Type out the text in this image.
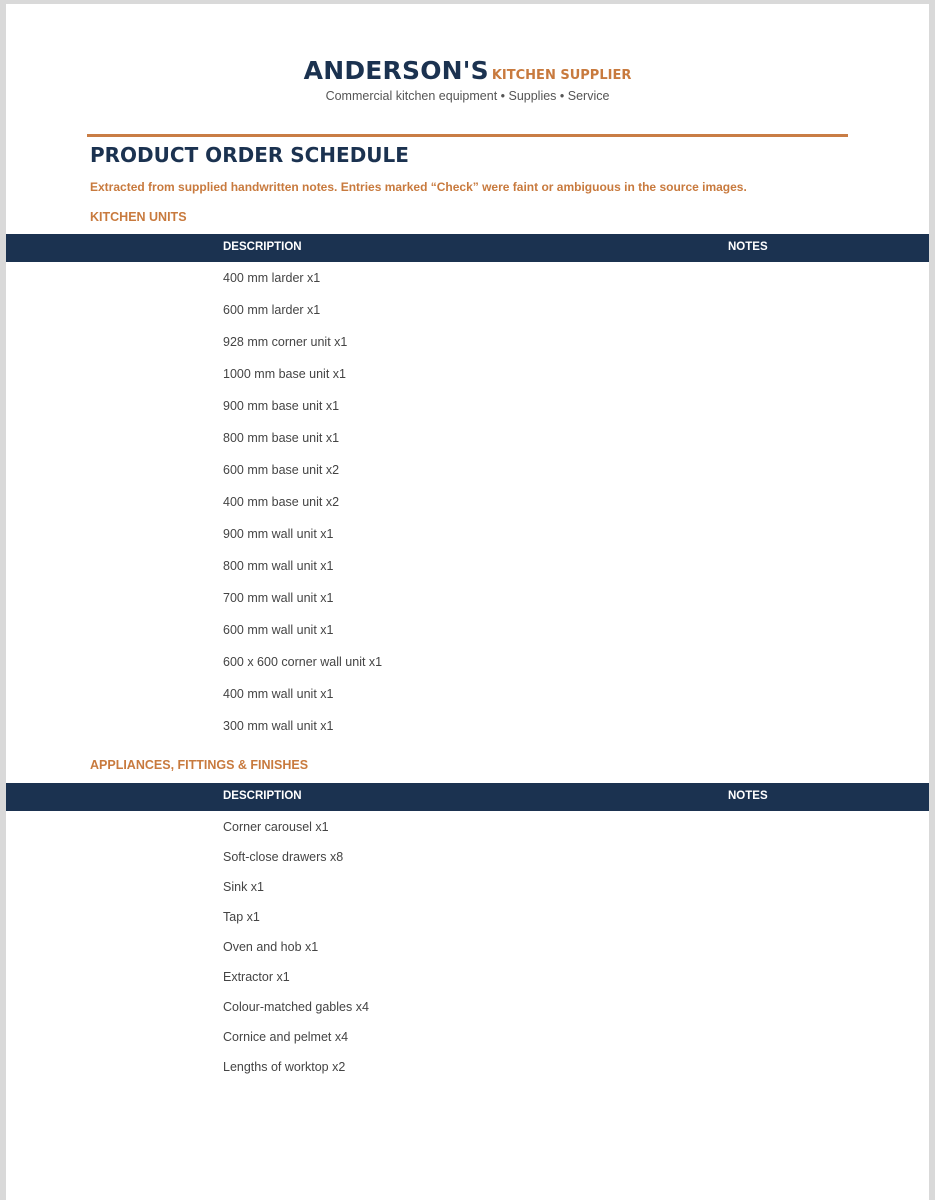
ANDERSON'S KITCHEN SUPPLIER
Commercial kitchen equipment • Supplies • Service
PRODUCT ORDER SCHEDULE
Extracted from supplied handwritten notes. Entries marked “Check” were faint or ambiguous in the source images.
KITCHEN UNITS
DESCRIPTION	NOTES
400 mm larder x1
600 mm larder x1
928 mm corner unit x1
1000 mm base unit x1
900 mm base unit x1
800 mm base unit x1
600 mm base unit x2
400 mm base unit x2
900 mm wall unit x1
800 mm wall unit x1
700 mm wall unit x1
600 mm wall unit x1
600 x 600 corner wall unit x1
400 mm wall unit x1
300 mm wall unit x1
APPLIANCES, FITTINGS & FINISHES
DESCRIPTION	NOTES
Corner carousel x1
Soft-close drawers x8
Sink x1
Tap x1
Oven and hob x1
Extractor x1
Colour-matched gables x4
Cornice and pelmet x4
Lengths of worktop x2
